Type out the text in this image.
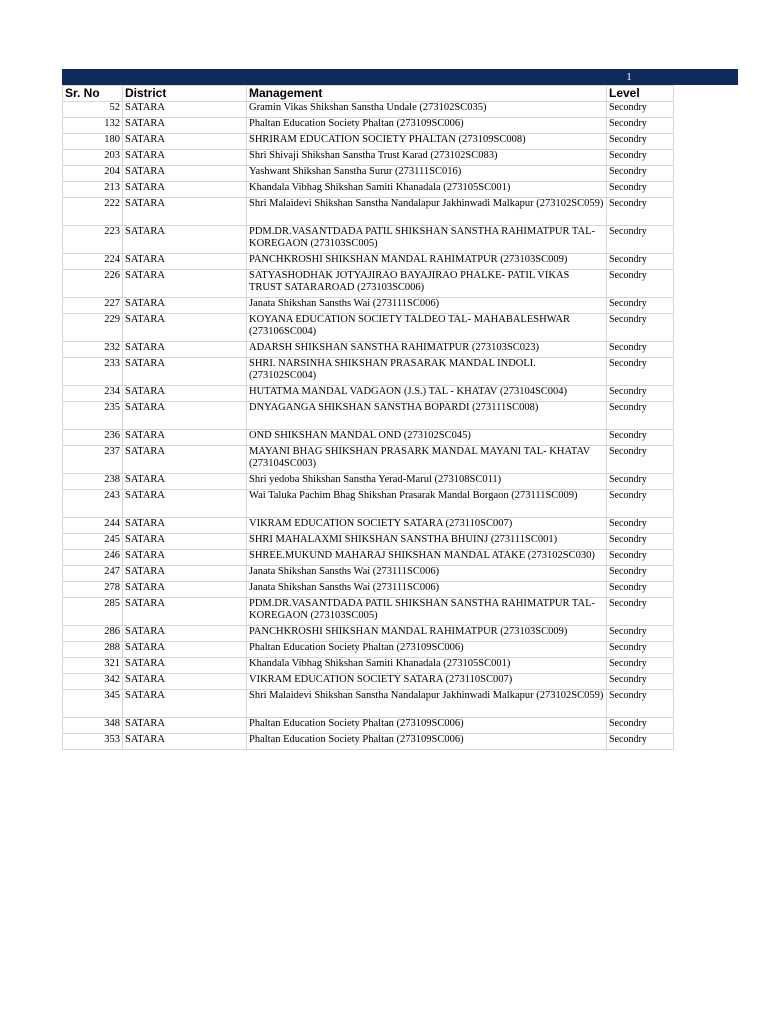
1
Sr. No	District	Management	Level
52	SATARA	Gramin Vikas Shikshan Sanstha Undale (273102SC035)	Secondry
132	SATARA	Phaltan Education Society Phaltan (273109SC006)	Secondry
180	SATARA	SHRIRAM EDUCATION SOCIETY PHALTAN (273109SC008)	Secondry
203	SATARA	Shri Shivaji Shikshan Sanstha Trust Karad (273102SC083)	Secondry
204	SATARA	Yashwant Shikshan Sanstha Surur (273111SC016)	Secondry
213	SATARA	Khandala Vibhag Shikshan Samiti Khanadala (273105SC001)	Secondry
222	SATARA	Shri Malaidevi Shikshan Sanstha Nandalapur Jakhinwadi Malkapur (273102SC059)	Secondry
223	SATARA	PDM.DR.VASANTDADA PATIL SHIKSHAN SANSTHA RAHIMATPUR TAL-KOREGAON (273103SC005)	Secondry
224	SATARA	PANCHKROSHI SHIKSHAN MANDAL RAHIMATPUR (273103SC009)	Secondry
226	SATARA	SATYASHODHAK JOTYAJIRAO BAYAJIRAO PHALKE- PATIL VIKAS TRUST SATARAROAD (273103SC006)	Secondry
227	SATARA	Janata Shikshan Sansths Wai (273111SC006)	Secondry
229	SATARA	KOYANA EDUCATION SOCIETY TALDEO TAL- MAHABALESHWAR (273106SC004)	Secondry
232	SATARA	ADARSH SHIKSHAN SANSTHA RAHIMATPUR (273103SC023)	Secondry
233	SATARA	SHRI. NARSINHA SHIKSHAN PRASARAK MANDAL INDOLI. (273102SC004)	Secondry
234	SATARA	HUTATMA MANDAL VADGAON (J.S.) TAL - KHATAV (273104SC004)	Secondry
235	SATARA	DNYAGANGA SHIKSHAN SANSTHA BOPARDI (273111SC008)	Secondry
236	SATARA	OND SHIKSHAN MANDAL OND (273102SC045)	Secondry
237	SATARA	MAYANI BHAG SHIKSHAN PRASARK MANDAL MAYANI TAL- KHATAV (273104SC003)	Secondry
238	SATARA	Shri yedoba Shikshan Sanstha Yerad-Marul (273108SC011)	Secondry
243	SATARA	Wai Taluka Pachim Bhag Shikshan Prasarak Mandal Borgaon (273111SC009)	Secondry
244	SATARA	VIKRAM EDUCATION SOCIETY SATARA (273110SC007)	Secondry
245	SATARA	SHRI MAHALAXMI SHIKSHAN SANSTHA BHUINJ (273111SC001)	Secondry
246	SATARA	SHREE.MUKUND MAHARAJ SHIKSHAN MANDAL ATAKE (273102SC030)	Secondry
247	SATARA	Janata Shikshan Sansths Wai (273111SC006)	Secondry
278	SATARA	Janata Shikshan Sansths Wai (273111SC006)	Secondry
285	SATARA	PDM.DR.VASANTDADA PATIL SHIKSHAN SANSTHA RAHIMATPUR TAL-KOREGAON (273103SC005)	Secondry
286	SATARA	PANCHKROSHI SHIKSHAN MANDAL RAHIMATPUR (273103SC009)	Secondry
288	SATARA	Phaltan Education Society Phaltan (273109SC006)	Secondry
321	SATARA	Khandala Vibhag Shikshan Samiti Khanadala (273105SC001)	Secondry
342	SATARA	VIKRAM EDUCATION SOCIETY SATARA (273110SC007)	Secondry
345	SATARA	Shri Malaidevi Shikshan Sanstha Nandalapur Jakhinwadi Malkapur (273102SC059)	Secondry
348	SATARA	Phaltan Education Society Phaltan (273109SC006)	Secondry
353	SATARA	Phaltan Education Society Phaltan (273109SC006)	Secondry
